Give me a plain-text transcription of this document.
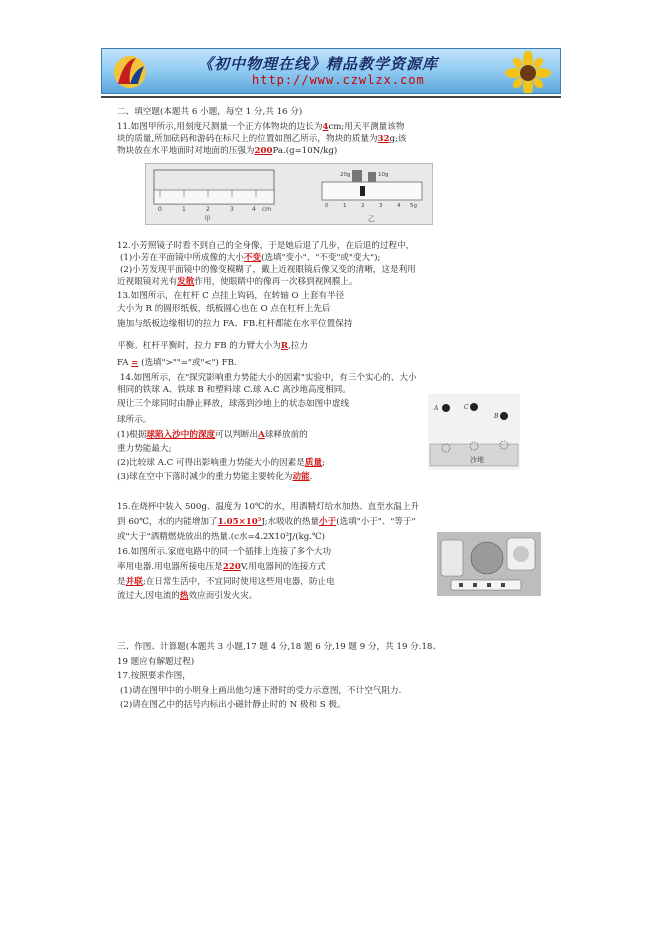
《初中物理在线》精品教学资源库
http://www.czwlzx.com
二、填空题(本题共 6 小题，每空 1 分,共 16 分)
11.如图甲所示,用刻度尺测量一个正方体物块的边长为4cm;用天平测量该物
块的质量,所加砝码和游码在标尺上的位置如图乙所示，物块的质量为32g;该
物块放在水平地面时对地面的压强为200Pa.(g=10N/kg)
0	1	2	3	4 cm
20g	10g
0	1	2	3	4 5g
甲	乙
12.小芳照镜子时看不到自己的全身像，于是她后退了几步，在后退的过程中，
(1)小芳在平面镜中所成像的大小不变(选填"变小"、"不变"或"变大");
(2)小芳发现平面镜中的像变模糊了，戴上近视眼镜后像又变的清晰，这是利用
近视眼镜对光有发散作用，使眼睛中的像再一次移到视网膜上。
13.如图所示，在杠杆 C 点挂上钩码，在转轴 O 上套有半径
大小为 R 的圆形纸板，纸板圆心也在 O 点在杠杆上先后
施加与纸板边缘相切的拉力 FA、FB.杠杆都能在水平位置保持
平衡。杠杆平衡时，拉力 FB 的力臂大小为R,拉力
FA = (选填">""="或"<") FB.
14.如图所示，在"探究影响重力势能大小的因素"实验中，有三个实心的、大小
相同的铁球 A、铁球 B 和塑料球 C.球 A.C 离沙地高度相同。
现让三个球同时由静止释放，球落到沙地上的状态如图中虚线
球所示。
(1)根据球陷入沙中的深度可以判断出A球释放前的
重力势能最大;
(2)比较球 A.C 可得出影响重力势能大小的因素是质量;
(3)球在空中下落时减少的重力势能主要转化为动能.
A	C
B
沙地
15.在烧杯中装入 500g、温度为 10℃的水，用酒精灯给水加热、直至水温上升
到 60℃，水的内能增加了1.05×10⁵J;水吸收的热量小于(选填"小于"、"等于"
或"大于"酒精燃烧放出的热量.(c水=4.2X10³J/(kg.℃)
16.如图所示.家庭电路中的同一个插排上连接了多个大功
率用电器.用电器所接电压是220V,用电器间的连接方式
是并联;在日常生活中，不宜同时使用这些用电器，防止电
流过大,因电流的热效应而引发火灾。
三、作图、计算题(本题共 3 小题,17 题 4 分,18 题 6 分,19 题 9 分，共 19 分.18、
19 题应有解题过程)
17.按照要求作图，
(1)请在图甲中的小明身上画出他匀速下滑时的受力示意图，不计空气阻力.
(2)请在图乙中的括号内标出小磁针静止时的 N 极和 S 极。
